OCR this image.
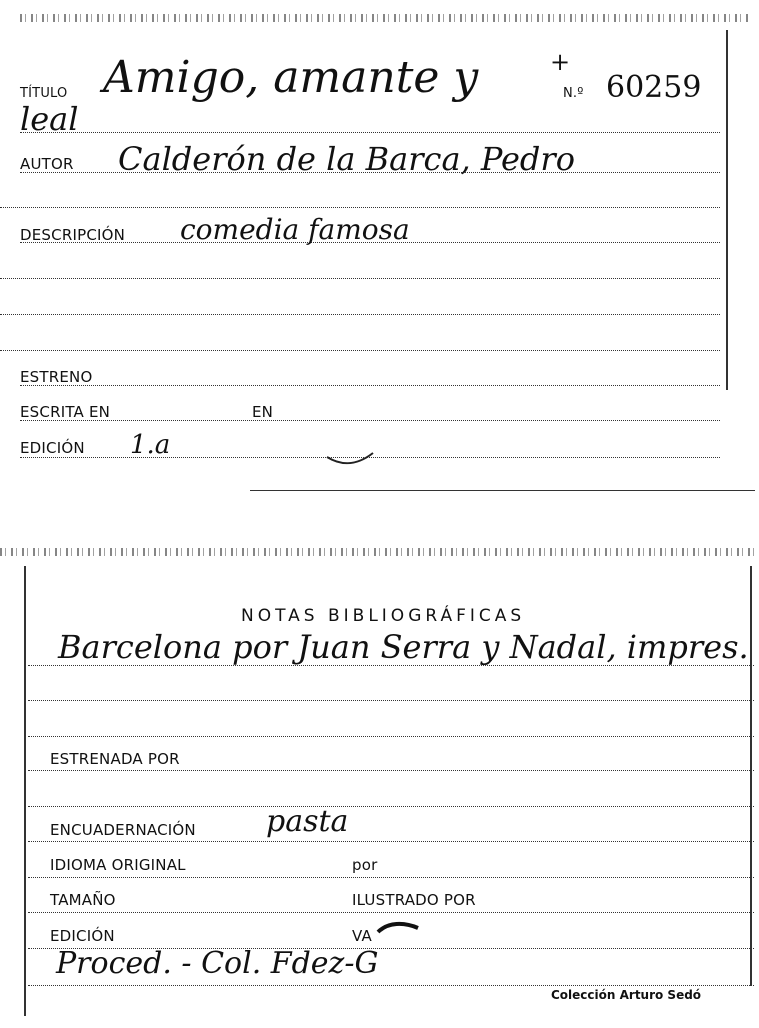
TÍTULO Amigo, amante y	+
N.º 60259
leal
AUTOR Calderón de la Barca, Pedro
DESCRIPCIÓN comedia famosa
ESTRENO
ESCRITA EN	EN
EDICIÓN 1.a
NOTAS BIBLIOGRÁFICAS
Barcelona por Juan Serra y Nadal, impres.
ESTRENADA POR
ENCUADERNACIÓN pasta
IDIOMA ORIGINAL	por
TAMAÑO	ILUSTRADO POR
EDICIÓN	VA
Proced. - Col. Fdez-G
Colección Arturo Sedó
